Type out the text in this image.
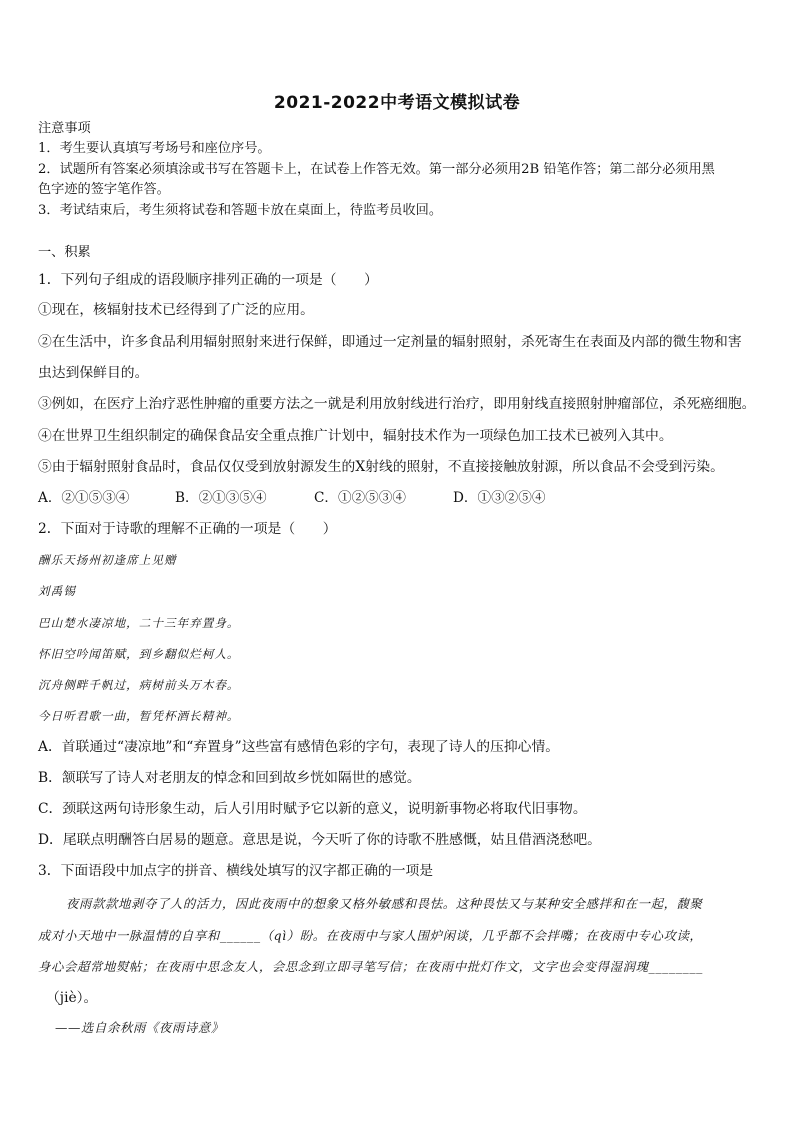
2021-2022中考语文模拟试卷
注意事项
1．考生要认真填写考场号和座位序号。
2．试题所有答案必须填涂或书写在答题卡上，在试卷上作答无效。第一部分必须用2B 铅笔作答；第二部分必须用黑
色字迹的签字笔作答。
3．考试结束后，考生须将试卷和答题卡放在桌面上，待监考员收回。
一、积累
1．下列句子组成的语段顺序排列正确的一项是（　　）
①现在，核辐射技术已经得到了广泛的应用。
②在生活中，许多食品利用辐射照射来进行保鲜，即通过一定剂量的辐射照射，杀死寄生在表面及内部的微生物和害
虫达到保鲜目的。
③例如，在医疗上治疗恶性肿瘤的重要方法之一就是利用放射线进行治疗，即用射线直接照射肿瘤部位，杀死癌细胞。
④在世界卫生组织制定的确保食品安全重点推广计划中，辐射技术作为一项绿色加工技术已被列入其中。
⑤由于辐射照射食品时，食品仅仅受到放射源发生的X射线的照射，不直接接触放射源，所以食品不会受到污染。
A．②①⑤③④	B．②①③⑤④	C．①②⑤③④	D．①③②⑤④
2．下面对于诗歌的理解不正确的一项是（　　）
酬乐天扬州初逢席上见赠
刘禹锡
巴山楚水凄凉地，二十三年弃置身。
怀旧空吟闻笛赋，到乡翻似烂柯人。
沉舟侧畔千帆过，病树前头万木春。
今日听君歌一曲，暂凭杯酒长精神。
A．首联通过“凄凉地”和“弃置身”这些富有感情色彩的字句，表现了诗人的压抑心情。
B．颔联写了诗人对老朋友的悼念和回到故乡恍如隔世的感觉。
C．颈联这两句诗形象生动，后人引用时赋予它以新的意义，说明新事物必将取代旧事物。
D．尾联点明酬答白居易的题意。意思是说，今天听了你的诗歌不胜感慨，姑且借酒浇愁吧。
3．下面语段中加点字的拼音、横线处填写的汉字都正确的一项是
夜雨款款地剥夺了人的活力，因此夜雨中的想象又格外敏感和畏怯。这种畏怯又与某种安全感拌和在一起，馥聚
成对小天地中一脉温情的自享和______（qì）盼。在夜雨中与家人围炉闲谈，几乎都不会拌嘴；在夜雨中专心攻读，
身心会超常地熨帖；在夜雨中思念友人，会思念到立即寻笔写信；在夜雨中批灯作文，文字也会变得湿润瑰________
（jiè）。
——选自余秋雨《夜雨诗意》
